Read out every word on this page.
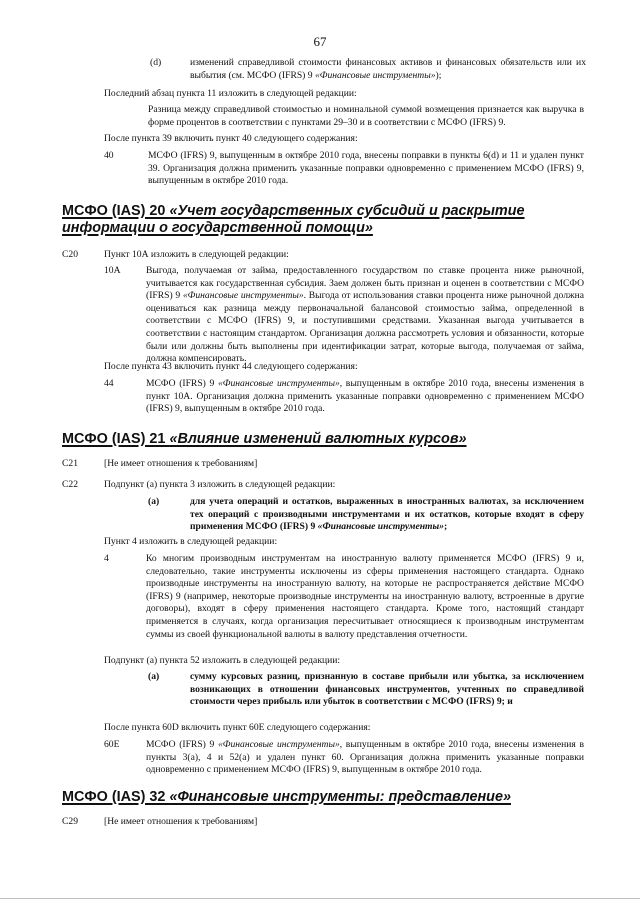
67
(d)	изменений справедливой стоимости финансовых активов и финансовых обязательств или их выбытия (см. МСФО (IFRS) 9 «Финансовые инструменты»);
Последний абзац пункта 11 изложить в следующей редакции:
Разница между справедливой стоимостью и номинальной суммой возмещения признается как выручка в форме процентов в соответствии с пунктами 29–30 и в соответствии с МСФО (IFRS) 9.
После пункта 39 включить пункт 40 следующего содержания:
40	МСФО (IFRS) 9, выпущенным в октябре 2010 года, внесены поправки в пункты 6(d) и 11 и удален пункт 39. Организация должна применить указанные поправки одновременно с применением МСФО (IFRS) 9, выпущенным в октябре 2010 года.
МСФО (IAS) 20 «Учет государственных субсидий и раскрытие информации о государственной помощи»
C20	Пункт 10А изложить в следующей редакции:
10A	Выгода, получаемая от займа, предоставленного государством по ставке процента ниже рыночной, учитывается как государственная субсидия. Заем должен быть признан и оценен в соответствии с МСФО (IFRS) 9 «Финансовые инструменты». Выгода от использования ставки процента ниже рыночной должна оцениваться как разница между первоначальной балансовой стоимостью займа, определенной в соответствии с МСФО (IFRS) 9, и поступившими средствами. Указанная выгода учитывается в соответствии с настоящим стандартом. Организация должна рассмотреть условия и обязанности, которые были или должны быть выполнены при идентификации затрат, которые выгода, получаемая от займа, должна компенсировать.
После пункта 43 включить пункт 44 следующего содержания:
44	МСФО (IFRS) 9 «Финансовые инструменты», выпущенным в октябре 2010 года, внесены изменения в пункт 10А. Организация должна применить указанные поправки одновременно с применением МСФО (IFRS) 9, выпущенным в октябре 2010 года.
МСФО (IAS) 21 «Влияние изменений валютных курсов»
C21	[Не имеет отношения к требованиям]
C22	Подпункт (а) пункта 3 изложить в следующей редакции:
(а)	для учета операций и остатков, выраженных в иностранных валютах, за исключением тех операций с производными инструментами и их остатков, которые входят в сферу применения МСФО (IFRS) 9 «Финансовые инструменты»;
Пункт 4 изложить в следующей редакции:
4	Ко многим производным инструментам на иностранную валюту применяется МСФО (IFRS) 9 и, следовательно, такие инструменты исключены из сферы применения настоящего стандарта. Однако производные инструменты на иностранную валюту, на которые не распространяется действие МСФО (IFRS) 9 (например, некоторые производные инструменты на иностранную валюту, встроенные в другие договоры), входят в сферу применения настоящего стандарта. Кроме того, настоящий стандарт применяется в случаях, когда организация пересчитывает относящиеся к производным инструментам суммы из своей функциональной валюты в валюту представления отчетности.
Подпункт (а) пункта 52 изложить в следующей редакции:
(а)	сумму курсовых разниц, признанную в составе прибыли или убытка, за исключением возникающих в отношении финансовых инструментов, учтенных по справедливой стоимости через прибыль или убыток в соответствии с МСФО (IFRS) 9; и
После пункта 60D включить пункт 60Е следующего содержания:
60E	МСФО (IFRS) 9 «Финансовые инструменты», выпущенным в октябре 2010 года, внесены изменения в пункты 3(а), 4 и 52(а) и удален пункт 60. Организация должна применить указанные поправки одновременно с применением МСФО (IFRS) 9, выпущенным в октябре 2010 года.
МСФО (IAS) 32 «Финансовые инструменты: представление»
C29	[Не имеет отношения к требованиям]
